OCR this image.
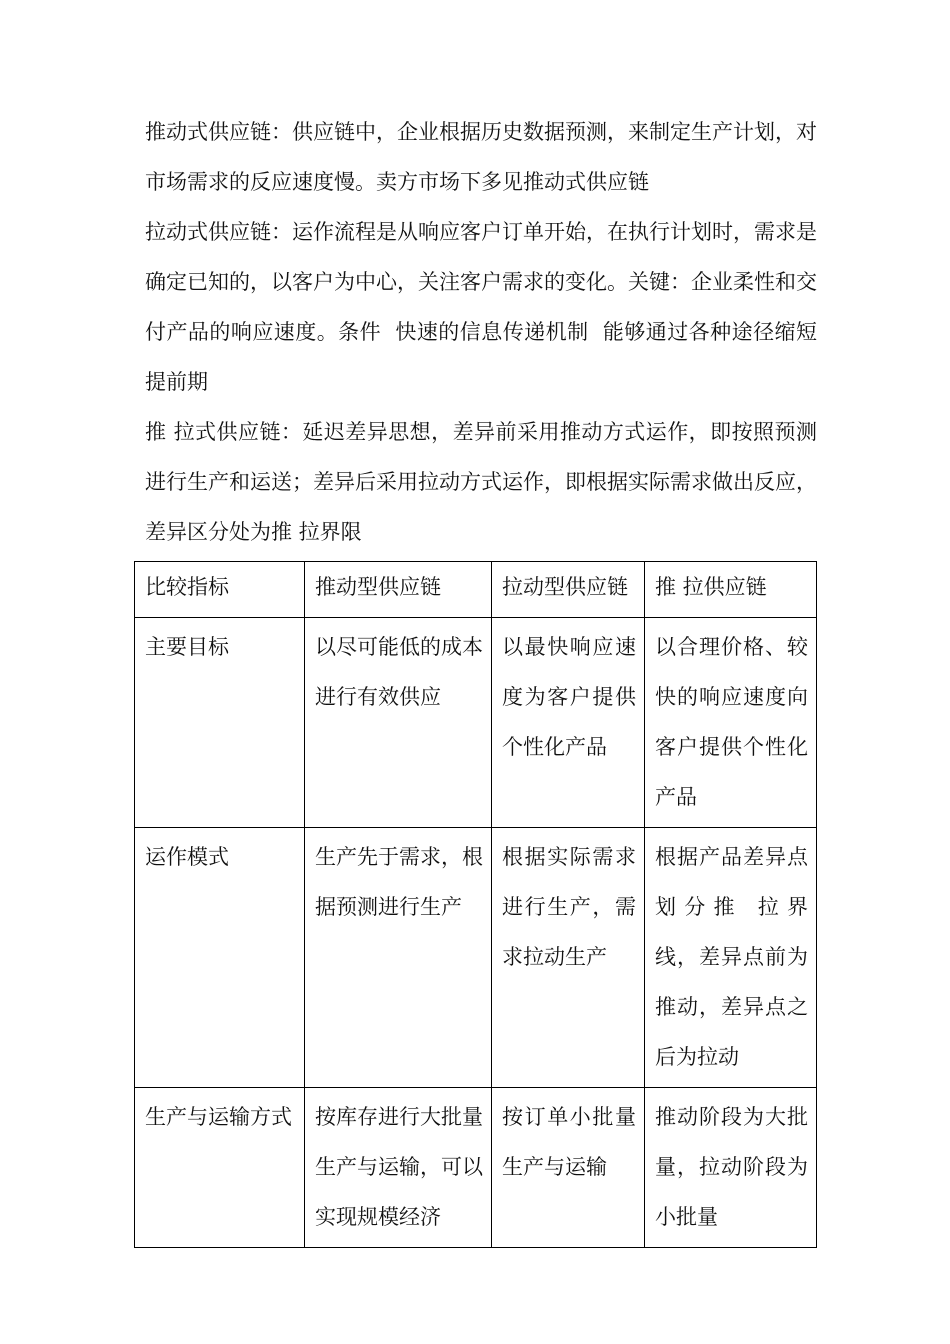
推动式供应链：供应链中，企业根据历史数据预测，来制定生产计划，对市场需求的反应速度慢。卖方市场下多见推动式供应链

拉动式供应链：运作流程是从响应客户订单开始，在执行计划时，需求是确定已知的，以客户为中心，关注客户需求的变化。关键：企业柔性和交付产品的响应速度。条件  快速的信息传递机制  能够通过各种途径缩短提前期

推 拉式供应链：延迟差异思想，差异前采用推动方式运作，即按照预测进行生产和运送；差异后采用拉动方式运作，即根据实际需求做出反应，差异区分处为推 拉界限

比较指标	推动型供应链	拉动型供应链	推 拉供应链
主要目标	以尽可能低的成本进行有效供应	以最快响应速度为客户提供个性化产品	以合理价格、较快的响应速度向客户提供个性化产品
运作模式	生产先于需求，根据预测进行生产	根据实际需求进行生产，需求拉动生产	根据产品差异点划分推 拉界线，差异点前为推动，差异点之后为拉动
生产与运输方式	按库存进行大批量生产与运输，可以实现规模经济	按订单小批量生产与运输	推动阶段为大批量，拉动阶段为小批量
